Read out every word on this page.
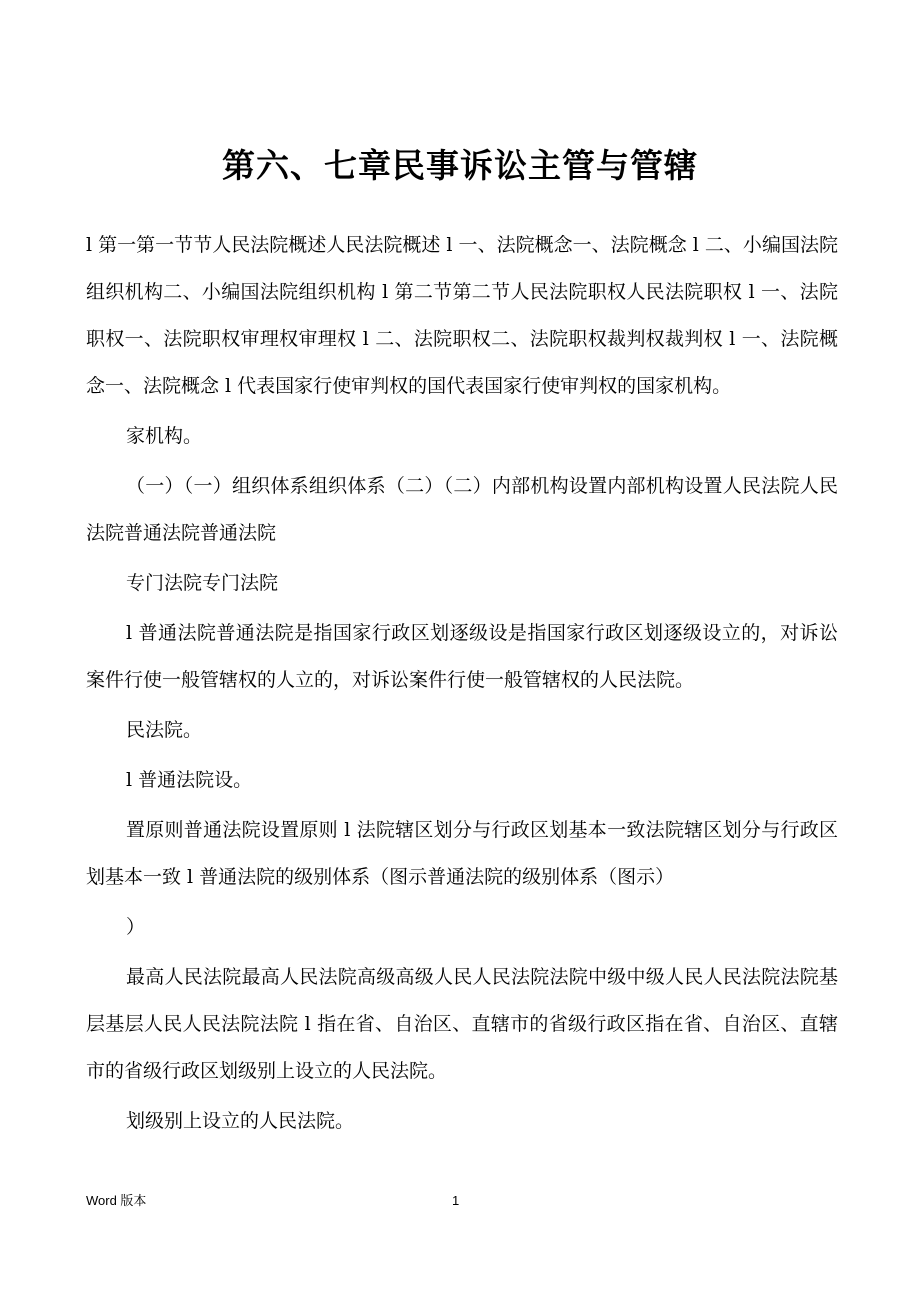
第六、七章民事诉讼主管与管辖

l 第一第一节节人民法院概述人民法院概述 l 一、法院概念一、法院概念 l 二、小编国法院组织机构二、小编国法院组织机构 l 第二节第二节人民法院职权人民法院职权 l 一、法院职权一、法院职权审理权审理权 l 二、法院职权二、法院职权裁判权裁判权 l 一、法院概念一、法院概念 l 代表国家行使审判权的国代表国家行使审判权的国家机构。

家机构。

（一）（一）组织体系组织体系（二）（二）内部机构设置内部机构设置人民法院人民法院普通法院普通法院

专门法院专门法院

l 普通法院普通法院是指国家行政区划逐级设是指国家行政区划逐级设立的，对诉讼案件行使一般管辖权的人立的，对诉讼案件行使一般管辖权的人民法院。

民法院。

l 普通法院设。

置原则普通法院设置原则 l 法院辖区划分与行政区划基本一致法院辖区划分与行政区划基本一致 l 普通法院的级别体系（图示普通法院的级别体系（图示）

）

最高人民法院最高人民法院高级高级人民人民法院法院中级中级人民人民法院法院基层基层人民人民法院法院 l 指在省、自治区、直辖市的省级行政区指在省、自治区、直辖市的省级行政区划级别上设立的人民法院。

划级别上设立的人民法院。

Word 版本	1
